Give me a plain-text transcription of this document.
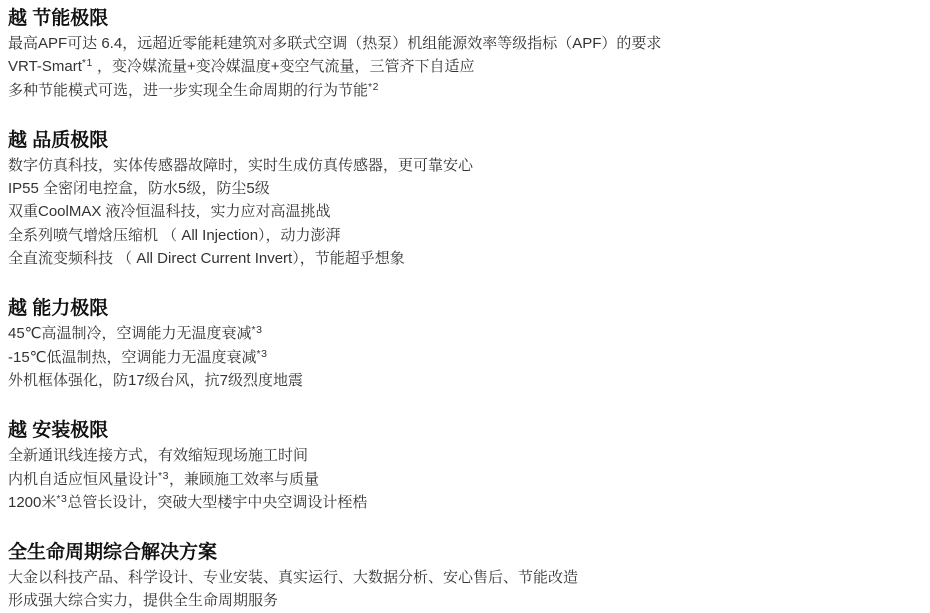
越 节能极限

最高APF可达 6.4，远超近零能耗建筑对多联式空调（热泵）机组能源效率等级指标（APF）的要求

VRT-Smart$^{*1}$ ，变冷媒流量+变冷媒温度+变空气流量，三管齐下自适应

多种节能模式可选，进一步实现全生命周期的行为节能$^{*2}$

越 品质极限

数字仿真科技，实体传感器故障时，实时生成仿真传感器，更可靠安心

IP55 全密闭电控盒，防水5级，防尘5级

双重CoolMAX 液冷恒温科技，实力应对高温挑战

全系列喷气增焓压缩机 （ All Injection），动力澎湃

全直流变频科技 （ All Direct Current Invert），节能超乎想象

越 能力极限

45℃高温制冷，空调能力无温度衰减$^{*3}$

-15℃低温制热，空调能力无温度衰减$^{*3}$

外机框体强化，防17级台风，抗7级烈度地震

越 安装极限

全新通讯线连接方式，有效缩短现场施工时间

内机自适应恒风量设计$^{*3}$，兼顾施工效率与质量

1200米$^{*3}$总管长设计，突破大型楼宇中央空调设计桎梏

全生命周期综合解决方案

大金以科技产品、科学设计、专业安装、真实运行、大数据分析、安心售后、节能改造

形成强大综合实力，提供全生命周期服务
